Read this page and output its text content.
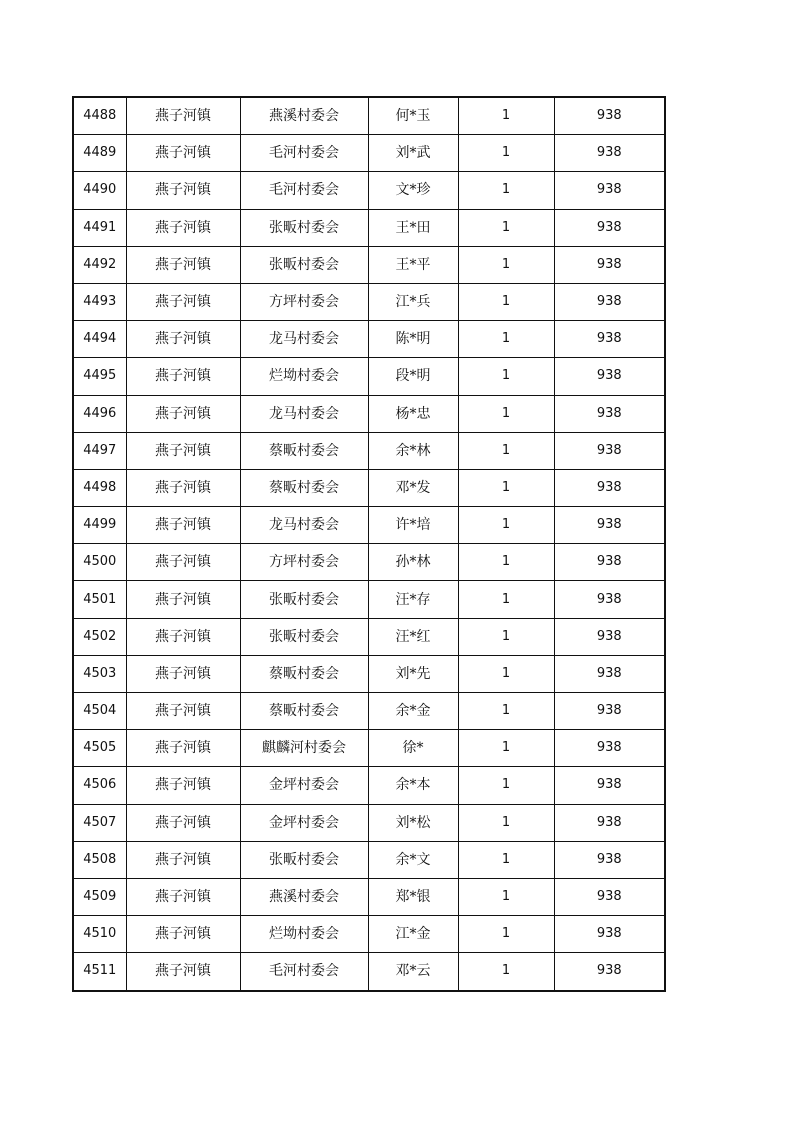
4488	燕子河镇	燕溪村委会	何*玉	1	938
4489	燕子河镇	毛河村委会	刘*武	1	938
4490	燕子河镇	毛河村委会	文*珍	1	938
4491	燕子河镇	张畈村委会	王*田	1	938
4492	燕子河镇	张畈村委会	王*平	1	938
4493	燕子河镇	方坪村委会	江*兵	1	938
4494	燕子河镇	龙马村委会	陈*明	1	938
4495	燕子河镇	烂坳村委会	段*明	1	938
4496	燕子河镇	龙马村委会	杨*忠	1	938
4497	燕子河镇	蔡畈村委会	余*林	1	938
4498	燕子河镇	蔡畈村委会	邓*发	1	938
4499	燕子河镇	龙马村委会	许*培	1	938
4500	燕子河镇	方坪村委会	孙*林	1	938
4501	燕子河镇	张畈村委会	汪*存	1	938
4502	燕子河镇	张畈村委会	汪*红	1	938
4503	燕子河镇	蔡畈村委会	刘*先	1	938
4504	燕子河镇	蔡畈村委会	余*金	1	938
4505	燕子河镇	麒麟河村委会	徐*	1	938
4506	燕子河镇	金坪村委会	余*本	1	938
4507	燕子河镇	金坪村委会	刘*松	1	938
4508	燕子河镇	张畈村委会	余*文	1	938
4509	燕子河镇	燕溪村委会	郑*银	1	938
4510	燕子河镇	烂坳村委会	江*金	1	938
4511	燕子河镇	毛河村委会	邓*云	1	938
